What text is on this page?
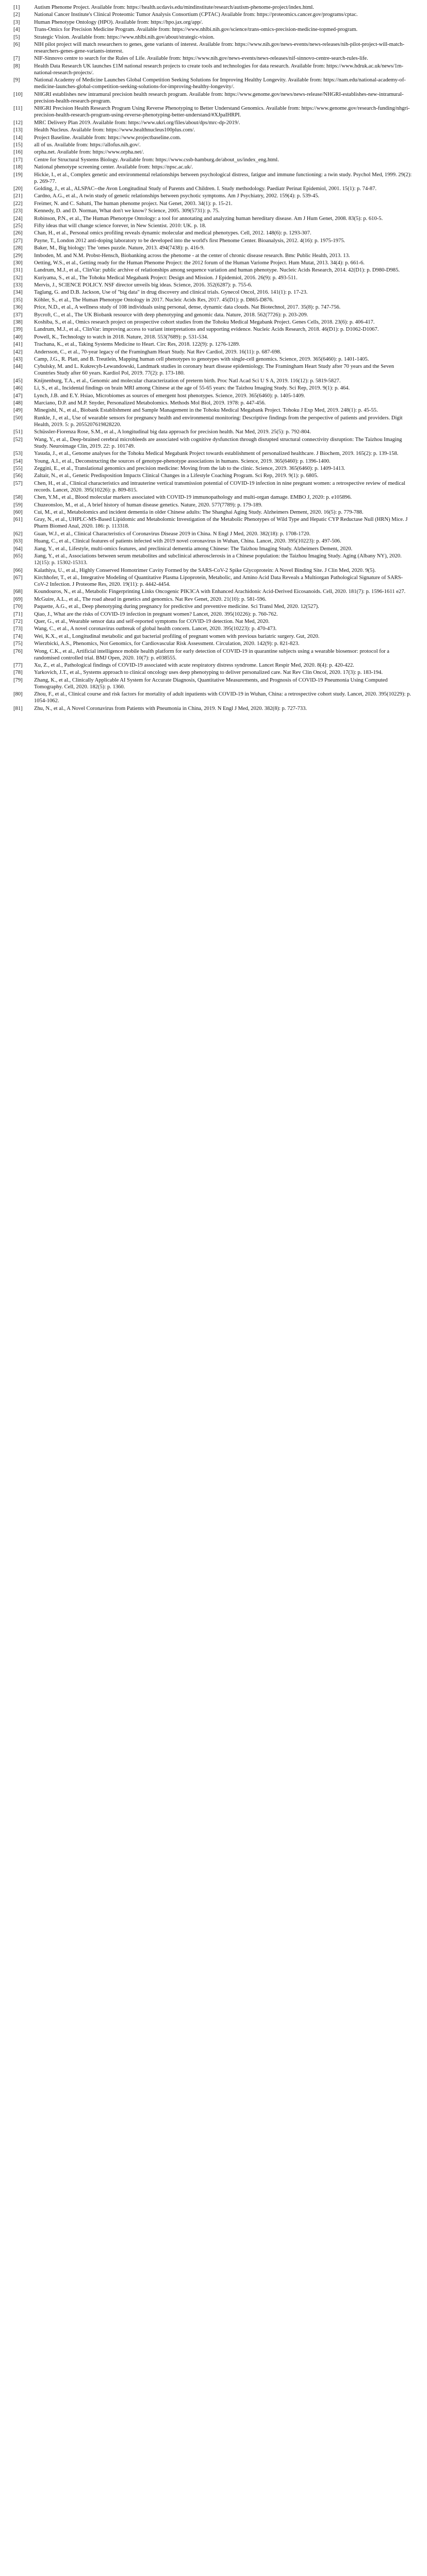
[1]	Autism Phenome Project. Available from: https://health.ucdavis.edu/mindinstitute/research/autism-phenome-project/index.html.
[2]	National Cancer Institute's Clinical Proteomic Tumor Analysis Consortium (CPTAC) Available from: https://proteomics.cancer.gov/programs/cptac.
[3]	Human Phenotype Ontology (HPO). Available from: https://hpo.jax.org/app/.
[4]	Trans-Omics for Precision Medicine Program. Available from: https://www.nhlbi.nih.gov/science/trans-omics-precision-medicine-topmed-program.
[5]	Strategic Vision. Available from: https://www.nhlbi.nih.gov/about/strategic-vision.
[6]	NIH pilot project will match researchers to genes, gene variants of interest. Available from: https://www.nih.gov/news-events/news-releases/nih-pilot-project-will-match-researchers-genes-gene-variants-interest.
[7]	NIF-Sinnovo centre to search for the Rules of Life. Available from: https://www.nih.gov/news-events/news-releases/nif-sinnovo-centre-search-rules-life.
[8]	Health Data Research UK launches £1M national research projects to create tools and technologies for data research. Available from: https://www.hdruk.ac.uk/news/1m-national-research-projects/.
[9]	National Academy of Medicine Launches Global Competition Seeking Solutions for Improving Healthy Longevity. Available from: https://nam.edu/national-academy-of-medicine-launches-global-competition-seeking-solutions-for-improving-healthy-longevity/.
[10]	NHGRI establishes new intramural precision health research program. Available from: https://www.genome.gov/news/news-release/NHGRI-establishes-new-intramural-precision-health-research-program.
[11]	NHGRI Precision Health Research Program Using Reverse Phenotyping to Better Understand Genomics. Available from: https://www.genome.gov/research-funding/nhgri-precision-health-research-program-using-reverse-phenotyping-better-understand/#XJpaIHRPI.
[12]	MRC Delivery Plan 2019. Available from: https://www.ukri.org/files/about/dps/mrc-dp-2019/.
[13]	Health Nucleus. Available from: https://www.healthnucleus100plus.com/.
[14]	Project Baseline. Available from: https://www.projectbaseline.com.
[15]	all of us. Available from: https://allofus.nih.gov/.
[16]	orpha.net. Available from: https://www.orpha.net/.
[17]	Centre for Structural Systems Biology. Available from: https://www.cssb-hamburg.de/about_us/index_eng.html.
[18]	National phenotype screening center. Available from: https://npsc.ac.uk/.
[19]	Hickie, I., et al., Complex genetic and environmental relationships between psychological distress, fatigue and immune functioning: a twin study. Psychol Med, 1999. 29(2): p. 269-77.
[20]	Golding, J., et al., ALSPAC--the Avon Longitudinal Study of Parents and Children. I. Study methodology. Paediatr Perinat Epidemiol, 2001. 15(1): p. 74-87.
[21]	Cardno, A.G., et al., A twin study of genetic relationships between psychotic symptoms. Am J Psychiatry, 2002. 159(4): p. 539-45.
[22]	Freimer, N. and C. Sabatti, The human phenome project. Nat Genet, 2003. 34(1): p. 15-21.
[23]	Kennedy, D. and D. Norman, What don't we know? Science, 2005. 309(5731): p. 75.
[24]	Robinson, P.N., et al., The Human Phenotype Ontology: a tool for annotating and analyzing human hereditary disease. Am J Hum Genet, 2008. 83(5): p. 610-5.
[25]	Fifty ideas that will change science forever, in New Scientist. 2010: UK. p. 18.
[26]	Chan, H., et al., Personal omics profiling reveals dynamic molecular and medical phenotypes. Cell, 2012. 148(6): p. 1293-307.
[27]	Payne, T., London 2012 anti-doping laboratory to be developed into the world's first Phenome Center. Bioanalysis, 2012. 4(16): p. 1975-1975.
[28]	Baker, M., Big biology: The 'omes puzzle. Nature, 2013. 494(7438): p. 416-9.
[29]	Imboden, M. and N.M. Probst-Hensch, Biobanking across the phenome - at the center of chronic disease research. Bmc Public Health, 2013. 13.
[30]	Oetting, W.S., et al., Getting ready for the Human Phenome Project: the 2012 forum of the Human Variome Project. Hum Mutat, 2013. 34(4): p. 661-6.
[31]	Landrum, M.J., et al., ClinVar: public archive of relationships among sequence variation and human phenotype. Nucleic Acids Research, 2014. 42(D1): p. D980-D985.
[32]	Kuriyama, S., et al., The Tohoku Medical Megabank Project: Design and Mission. J Epidemiol, 2016. 26(9): p. 493-511.
[33]	Mervis, J., SCIENCE POLICY. NSF director unveils big ideas. Science, 2016. 352(6287): p. 755-6.
[34]	Taglang, G. and D.B. Jackson, Use of "big data" in drug discovery and clinical trials. Gynecol Oncol, 2016. 141(1): p. 17-23.
[35]	Köhler, S., et al., The Human Phenotype Ontology in 2017. Nucleic Acids Res, 2017. 45(D1): p. D865-D876.
[36]	Price, N.D., et al., A wellness study of 108 individuals using personal, dense, dynamic data clouds. Nat Biotechnol, 2017. 35(8): p. 747-756.
[37]	Bycroft, C., et al., The UK Biobank resource with deep phenotyping and genomic data. Nature, 2018. 562(7726): p. 203-209.
[38]	Koshiba, S., et al., Omics research project on prospective cohort studies from the Tohoku Medical Megabank Project. Genes Cells, 2018. 23(6): p. 406-417.
[39]	Landrum, M.J., et al., ClinVar: improving access to variant interpretations and supporting evidence. Nucleic Acids Research, 2018. 46(D1): p. D1062-D1067.
[40]	Powell, K., Technology to watch in 2018. Nature, 2018. 553(7689): p. 531-534.
[41]	Trachana, K., et al., Taking Systems Medicine to Heart. Circ Res, 2018. 122(9): p. 1276-1289.
[42]	Andersson, C., et al., 70-year legacy of the Framingham Heart Study. Nat Rev Cardiol, 2019. 16(11): p. 687-698.
[43]	Camp, J.G., R. Platt, and B. Treutlein, Mapping human cell phenotypes to genotypes with single-cell genomics. Science, 2019. 365(6460): p. 1401-1405.
[44]	Cybulsky, M. and L. Kukrecyh-Lewandowski, Landmark studies in coronary heart disease epidemiology. The Framingham Heart Study after 70 years and the Seven Countries Study after 60 years. Kardiol Pol, 2019. 77(2): p. 173-180.
[45]	Knijnenburg, T.A., et al., Genomic and molecular characterization of preterm birth. Proc Natl Acad Sci U S A, 2019. 116(12): p. 5819-5827.
[46]	Li, S., et al., Incidental findings on brain MRI among Chinese at the age of 55-65 years: the Taizhou Imaging Study. Sci Rep, 2019. 9(1): p. 464.
[47]	Lynch, J.B. and E.Y. Hsiao, Microbiomes as sources of emergent host phenotypes. Science, 2019. 365(6460): p. 1405-1409.
[48]	Marciano, D.P. and M.P. Snyder, Personalized Metabolomics. Methods Mol Biol, 2019. 1978: p. 447-456.
[49]	Minegishi, N., et al., Biobank Establishment and Sample Management in the Tohoku Medical Megabank Project. Tohoku J Exp Med, 2019. 248(1): p. 45-55.
[50]	Runkle, J., et al., Use of wearable sensors for pregnancy health and environmental monitoring: Descriptive findings from the perspective of patients and providers. Digit Health, 2019. 5: p. 2055207619828220.
[51]	Schüssler-Fiorenza Rose, S.M., et al., A longitudinal big data approach for precision health. Nat Med, 2019. 25(5): p. 792-804.
[52]	Wang, Y., et al., Deep-brained cerebral microbleeds are associated with cognitive dysfunction through disrupted structural connectivity disruption: The Taizhou Imaging Study. Neuroimage Clin, 2019. 22: p. 101749.
[53]	Yasuda, J., et al., Genome analyses for the Tohoku Medical Megabank Project towards establishment of personalized healthcare. J Biochem, 2019. 165(2): p. 139-158.
[54]	Young, A.I., et al., Deconstructing the sources of genotype-phenotype associations in humans. Science, 2019. 365(6460): p. 1396-1400.
[55]	Zeggini, E., et al., Translational genomics and precision medicine: Moving from the lab to the clinic. Science, 2019. 365(6460): p. 1409-1413.
[56]	Zaltair, N., et al., Genetic Predisposition Impacts Clinical Changes in a Lifestyle Coaching Program. Sci Rep, 2019. 9(1): p. 6805.
[57]	Chen, H., et al., Clinical characteristics and intrauterine vertical transmission potential of COVID-19 infection in nine pregnant women: a retrospective review of medical records. Lancet, 2020. 395(10226): p. 809-815.
[58]	Chen, Y.M., et al., Blood molecular markers associated with COVID-19 immunopathology and multi-organ damage. EMBO J, 2020: p. e105896.
[59]	Chuzeonsloo, M., et al., A brief history of human disease genetics. Nature, 2020. 577(7789): p. 179-189.
[60]	Cui, M., et al., Metabolomics and incident dementia in older Chinese adults: The Shanghai Aging Study. Alzheimers Dement, 2020. 16(5): p. 779-788.
[61]	Gray, N., et al., UHPLC-MS-Based Lipidomic and Metabolomic Investigation of the Metabolic Phenotypes of Wild Type and Hepatic CYP Reductase Null (HRN) Mice. J Pharm Biomed Anal, 2020. 186: p. 113318.
[62]	Guan, W.J., et al., Clinical Characteristics of Coronavirus Disease 2019 in China. N Engl J Med, 2020. 382(18): p. 1708-1720.
[63]	Huang, C., et al., Clinical features of patients infected with 2019 novel coronavirus in Wuhan, China. Lancet, 2020. 395(10223): p. 497-506.
[64]	Jiang, Y., et al., Lifestyle, multi-omics features, and preclinical dementia among Chinese: The Taizhou Imaging Study. Alzheimers Dement, 2020.
[65]	Jiang, Y., et al., Associations between serum metabolites and subclinical atherosclerosis in a Chinese population: the Taizhou Imaging Study. Aging (Albany NY), 2020. 12(15): p. 15302-15313.
[66]	Kalathiya, U., et al., Highly Conserved Homotrimer Cavity Formed by the SARS-CoV-2 Spike Glycoprotein: A Novel Binding Site. J Clin Med, 2020. 9(5).
[67]	Kirchhofer, T., et al., Integrative Modeling of Quantitative Plasma Lipoprotein, Metabolic, and Amino Acid Data Reveals a Multiorgan Pathological Signature of SARS-CoV-2 Infection. J Proteome Res, 2020. 19(11): p. 4442-4454.
[68]	Koundouros, N., et al., Metabolic Fingerprinting Links Oncogenic PIK3CA with Enhanced Arachidonic Acid-Derived Eicosanoids. Cell, 2020. 181(7): p. 1596-1611 e27.
[69]	McGuire, A.L., et al., The road ahead in genetics and genomics. Nat Rev Genet, 2020. 21(10): p. 581-596.
[70]	Paquette, A.G., et al., Deep phenotyping during pregnancy for predictive and preventive medicine. Sci Transl Med, 2020. 12(527).
[71]	Qiao, J., What are the risks of COVID-19 infection in pregnant women? Lancet, 2020. 395(10226): p. 760-762.
[72]	Quer, G., et al., Wearable sensor data and self-reported symptoms for COVID-19 detection. Nat Med, 2020.
[73]	Wang, C., et al., A novel coronavirus outbreak of global health concern. Lancet, 2020. 395(10223): p. 470-473.
[74]	Wei, K.X., et al., Longitudinal metabolic and gut bacterial profiling of pregnant women with previous bariatric surgery. Gut, 2020.
[75]	Wierzbicki, A.S., Phenomics, Not Genomics, for Cardiovascular Risk Assessment. Circulation, 2020. 142(9): p. 821-823.
[76]	Wong, C.K., et al., Artificial intelligence mobile health platform for early detection of COVID-19 in quarantine subjects using a wearable biosensor: protocol for a randomised controlled trial. BMJ Open, 2020. 10(7): p. e038555.
[77]	Xu, Z., et al., Pathological findings of COVID-19 associated with acute respiratory distress syndrome. Lancet Respir Med, 2020. 8(4): p. 420-422.
[78]	Yarkovich, J.T., et al., Systems approach to clinical oncology uses deep phenotyping to deliver personalized care. Nat Rev Clin Oncol, 2020. 17(3): p. 183-194.
[79]	Zhang, K., et al., Clinically Applicable AI System for Accurate Diagnosis, Quantitative Measurements, and Prognosis of COVID-19 Pneumonia Using Computed Tomography. Cell, 2020. 182(5): p. 1360.
[80]	Zhou, F., et al., Clinical course and risk factors for mortality of adult inpatients with COVID-19 in Wuhan, China: a retrospective cohort study. Lancet, 2020. 395(10229): p. 1054-1062.
[81]	Zhu, N., et al., A Novel Coronavirus from Patients with Pneumonia in China, 2019. N Engl J Med, 2020. 382(8): p. 727-733.
